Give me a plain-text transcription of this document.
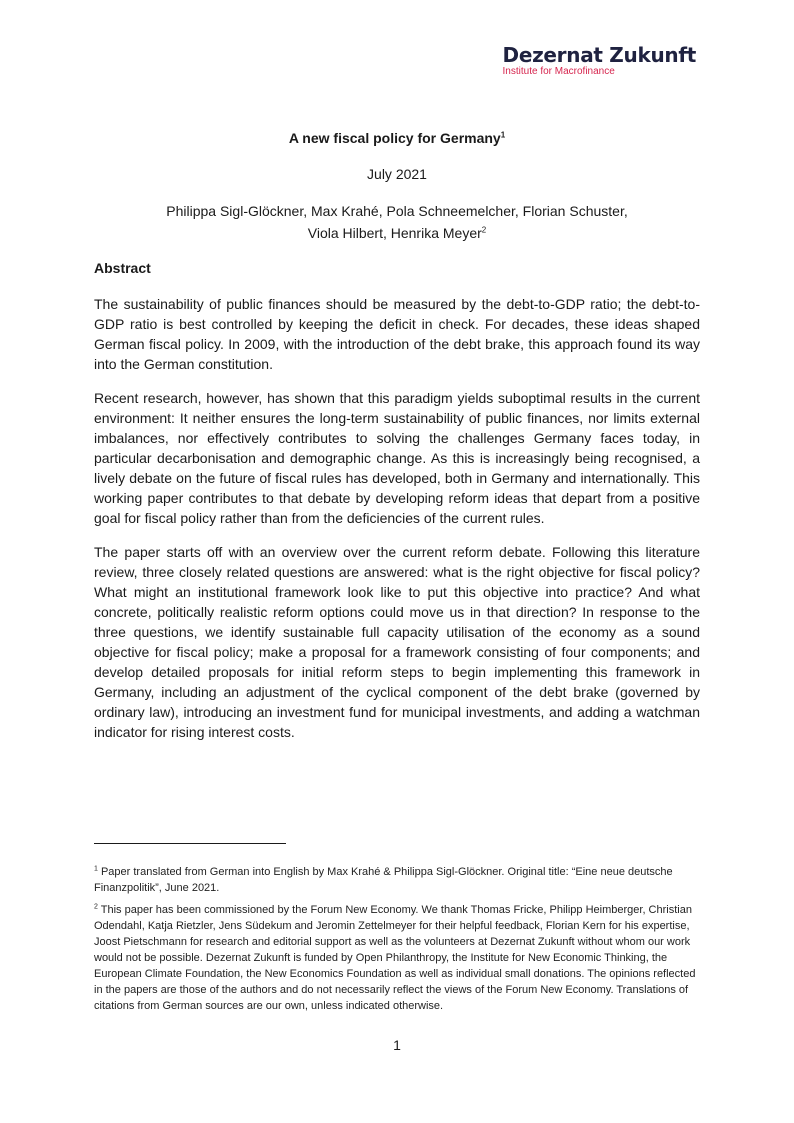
Dezernat Zukunft
Institute for Macrofinance
A new fiscal policy for Germany$^1$
July 2021
Philippa Sigl-Glöckner, Max Krahé, Pola Schneemelcher, Florian Schuster,
Viola Hilbert, Henrika Meyer$^2$
Abstract

The sustainability of public finances should be measured by the debt-to-GDP ratio; the debt-to-GDP ratio is best controlled by keeping the deficit in check. For decades, these ideas shaped German fiscal policy. In 2009, with the introduction of the debt brake, this approach found its way into the German constitution.

Recent research, however, has shown that this paradigm yields suboptimal results in the current environment: It neither ensures the long-term sustainability of public finances, nor limits external imbalances, nor effectively contributes to solving the challenges Germany faces today, in particular decarbonisation and demographic change. As this is increasingly being recognised, a lively debate on the future of fiscal rules has developed, both in Germany and internationally. This working paper contributes to that debate by developing reform ideas that depart from a positive goal for fiscal policy rather than from the deficiencies of the current rules.

The paper starts off with an overview over the current reform debate. Following this literature review, three closely related questions are answered: what is the right objective for fiscal policy? What might an institutional framework look like to put this objective into practice? And what concrete, politically realistic reform options could move us in that direction? In response to the three questions, we identify sustainable full capacity utilisation of the economy as a sound objective for fiscal policy; make a proposal for a framework consisting of four components; and develop detailed proposals for initial reform steps to begin implementing this framework in Germany, including an adjustment of the cyclical component of the debt brake (governed by ordinary law), introducing an investment fund for municipal investments, and adding a watchman indicator for rising interest costs.

$^1$ Paper translated from German into English by Max Krahé & Philippa Sigl-Glöckner. Original title: “Eine neue deutsche Finanzpolitik”, June 2021.

$^2$ This paper has been commissioned by the Forum New Economy. We thank Thomas Fricke, Philipp Heimberger, Christian Odendahl, Katja Rietzler, Jens Südekum and Jeromin Zettelmeyer for their helpful feedback, Florian Kern for his expertise, Joost Pietschmann for research and editorial support as well as the volunteers at Dezernat Zukunft without whom our work would not be possible. Dezernat Zukunft is funded by Open Philanthropy, the Institute for New Economic Thinking, the European Climate Foundation, the New Economics Foundation as well as individual small donations. The opinions reflected in the papers are those of the authors and do not necessarily reflect the views of the Forum New Economy. Translations of citations from German sources are our own, unless indicated otherwise.

1
